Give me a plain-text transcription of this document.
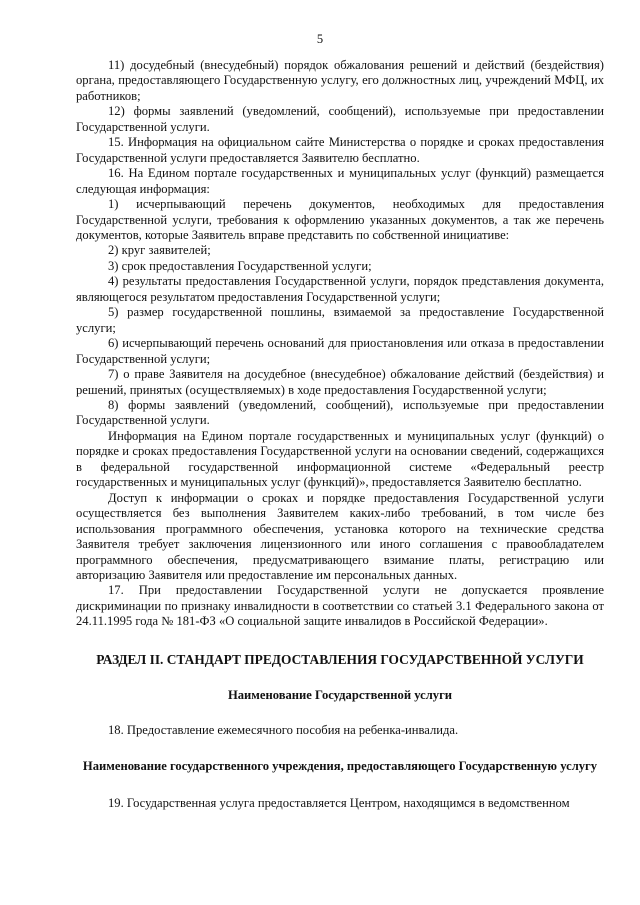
5

11) досудебный (внесудебный) порядок обжалования решений и действий (бездействия) органа, предоставляющего Государственную услугу, его должностных лиц, учреждений МФЦ, их работников;

12) формы заявлений (уведомлений, сообщений), используемые при предоставлении Государственной услуги.

15. Информация на официальном сайте Министерства о порядке и сроках предоставления Государственной услуги предоставляется Заявителю бесплатно.

16. На Едином портале государственных и муниципальных услуг (функций) размещается следующая информация:

1) исчерпывающий перечень документов, необходимых для предоставления Государственной услуги, требования к оформлению указанных документов, а так же перечень документов, которые Заявитель вправе представить по собственной инициативе:

2) круг заявителей;

3) срок предоставления Государственной услуги;

4) результаты предоставления Государственной услуги, порядок представления документа, являющегося результатом предоставления Государственной услуги;

5) размер государственной пошлины, взимаемой за предоставление Государственной услуги;

6) исчерпывающий перечень оснований для приостановления или отказа в предоставлении Государственной услуги;

7) о праве Заявителя на досудебное (внесудебное) обжалование действий (бездействия) и решений, принятых (осуществляемых) в ходе предоставления Государственной услуги;

8) формы заявлений (уведомлений, сообщений), используемые при предоставлении Государственной услуги.

Информация на Едином портале государственных и муниципальных услуг (функций) о порядке и сроках предоставления Государственной услуги на основании сведений, содержащихся в федеральной государственной информационной системе «Федеральный реестр государственных и муниципальных услуг (функций)», предоставляется Заявителю бесплатно.

Доступ к информации о сроках и порядке предоставления Государственной услуги осуществляется без выполнения Заявителем каких-либо требований, в том числе без использования программного обеспечения, установка которого на технические средства Заявителя требует заключения лицензионного или иного соглашения с правообладателем программного обеспечения, предусматривающего взимание платы, регистрацию или авторизацию Заявителя или предоставление им персональных данных.

17. При предоставлении Государственной услуги не допускается проявление дискриминации по признаку инвалидности в соответствии со статьей 3.1 Федерального закона от 24.11.1995 года № 181-ФЗ «О социальной защите инвалидов в Российской Федерации».

РАЗДЕЛ II. СТАНДАРТ ПРЕДОСТАВЛЕНИЯ ГОСУДАРСТВЕННОЙ УСЛУГИ
Наименование Государственной услуги

18. Предоставление ежемесячного пособия на ребенка-инвалида.

Наименование государственного учреждения, предоставляющего Государственную услугу

19. Государственная услуга предоставляется Центром, находящимся в ведомственном
